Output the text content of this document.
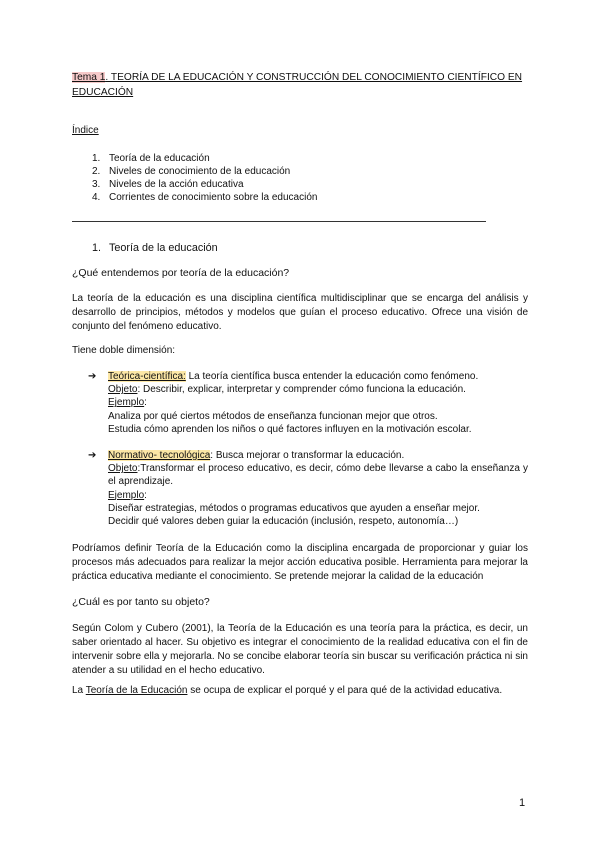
Tema 1. TEORÍA DE LA EDUCACIÓN Y CONSTRUCCIÓN DEL CONOCIMIENTO CIENTÍFICO EN EDUCACIÓN
Índice
1. Teoría de la educación
2. Niveles de conocimiento de la educación
3. Niveles de la acción educativa
4. Corrientes de conocimiento sobre la educación
1. Teoría de la educación
¿Qué entendemos por teoría de la educación?

La teoría de la educación es una disciplina científica multidisciplinar que se encarga del análisis y desarrollo de principios, métodos y modelos que guían el proceso educativo. Ofrece una visión de conjunto del fenómeno educativo.

Tiene doble dimensión:
➔	Teórica-científica: La teoría científica busca entender la educación como fenómeno.
Objeto: Describir, explicar, interpretar y comprender cómo funciona la educación.
Ejemplo:
Analiza por qué ciertos métodos de enseñanza funcionan mejor que otros.
Estudia cómo aprenden los niños o qué factores influyen en la motivación escolar.
➔	Normativo- tecnológica: Busca mejorar o transformar la educación.
Objeto:Transformar el proceso educativo, es decir, cómo debe llevarse a cabo la enseñanza y el aprendizaje.
Ejemplo:
Diseñar estrategias, métodos o programas educativos que ayuden a enseñar mejor.
Decidir qué valores deben guiar la educación (inclusión, respeto, autonomía…)

Podríamos definir Teoría de la Educación como la disciplina encargada de proporcionar y guiar los procesos más adecuados para realizar la mejor acción educativa posible. Herramienta para mejorar la práctica educativa mediante el conocimiento. Se pretende mejorar la calidad de la educación

¿Cuál es por tanto su objeto?

Según Colom y Cubero (2001), la Teoría de la Educación es una teoría para la práctica, es decir, un saber orientado al hacer. Su objetivo es integrar el conocimiento de la realidad educativa con el fin de intervenir sobre ella y mejorarla. No se concibe elaborar teoría sin buscar su verificación práctica ni sin atender a su utilidad en el hecho educativo.

La Teoría de la Educación se ocupa de explicar el porqué y el para qué de la actividad educativa.
1
